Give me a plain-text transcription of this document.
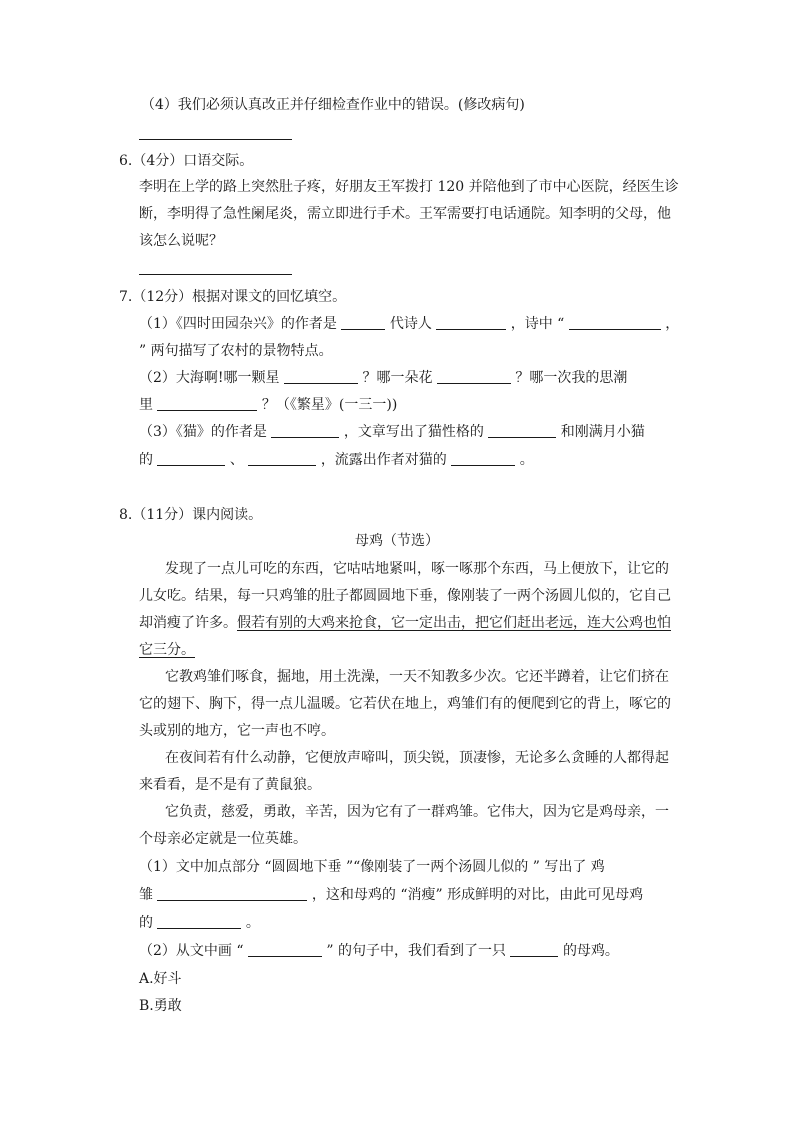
（4）我们必须认真改正并仔细检查作业中的错误。(修改病句)
6.（4分）口语交际。
李明在上学的路上突然肚子疼，好朋友王军拨打 120 并陪他到了市中心医院，经医生诊
断，李明得了急性阑尾炎，需立即进行手术。王军需要打电话通院。知李明的父母，他
该怎么说呢？
7.（12分）根据对课文的回忆填空。
（1）《四时田园杂兴》的作者是	代诗人	，诗中 “	，
” 两句描写了农村的景物特点。
（2）大海啊!哪一颗星	？哪一朵花	？哪一次我的思潮
里	？（《繁星》(一三一))
（3）《猫》的作者是	，文章写出了猫性格的	和刚满月小猫
的	、	，流露出作者对猫的	。
8.（11分）课内阅读。
母鸡（节选）
发现了一点儿可吃的东西，它咕咕地紧叫，啄一啄那个东西，马上便放下，让它的
儿女吃。结果，每一只鸡雏的肚子都圆圆地下垂，像刚装了一两个汤圆儿似的，它自己
却消瘦了许多。假若有别的大鸡来抢食，它一定出击，把它们赶出老远，连大公鸡也怕
它三分。
它教鸡雏们啄食，掘地，用土洗澡，一天不知教多少次。它还半蹲着，让它们挤在
它的翅下、胸下，得一点儿温暖。它若伏在地上，鸡雏们有的便爬到它的背上，啄它的
头或别的地方，它一声也不哼。
在夜间若有什么动静，它便放声啼叫，顶尖锐，顶凄惨，无论多么贪睡的人都得起
来看看，是不是有了黄鼠狼。
它负责，慈爱，勇敢，辛苦，因为它有了一群鸡雏。它伟大，因为它是鸡母亲，一
个母亲必定就是一位英雄。
（1）文中加点部分 “圆圆地下垂 ”“像刚装了一两个汤圆儿似的 ” 写出了 鸡
雏	，这和母鸡的 “消瘦” 形成鲜明的对比，由此可见母鸡
的	。
（2）从文中画 “	” 的句子中，我们看到了一只	的母鸡。
A.好斗
B.勇敢
